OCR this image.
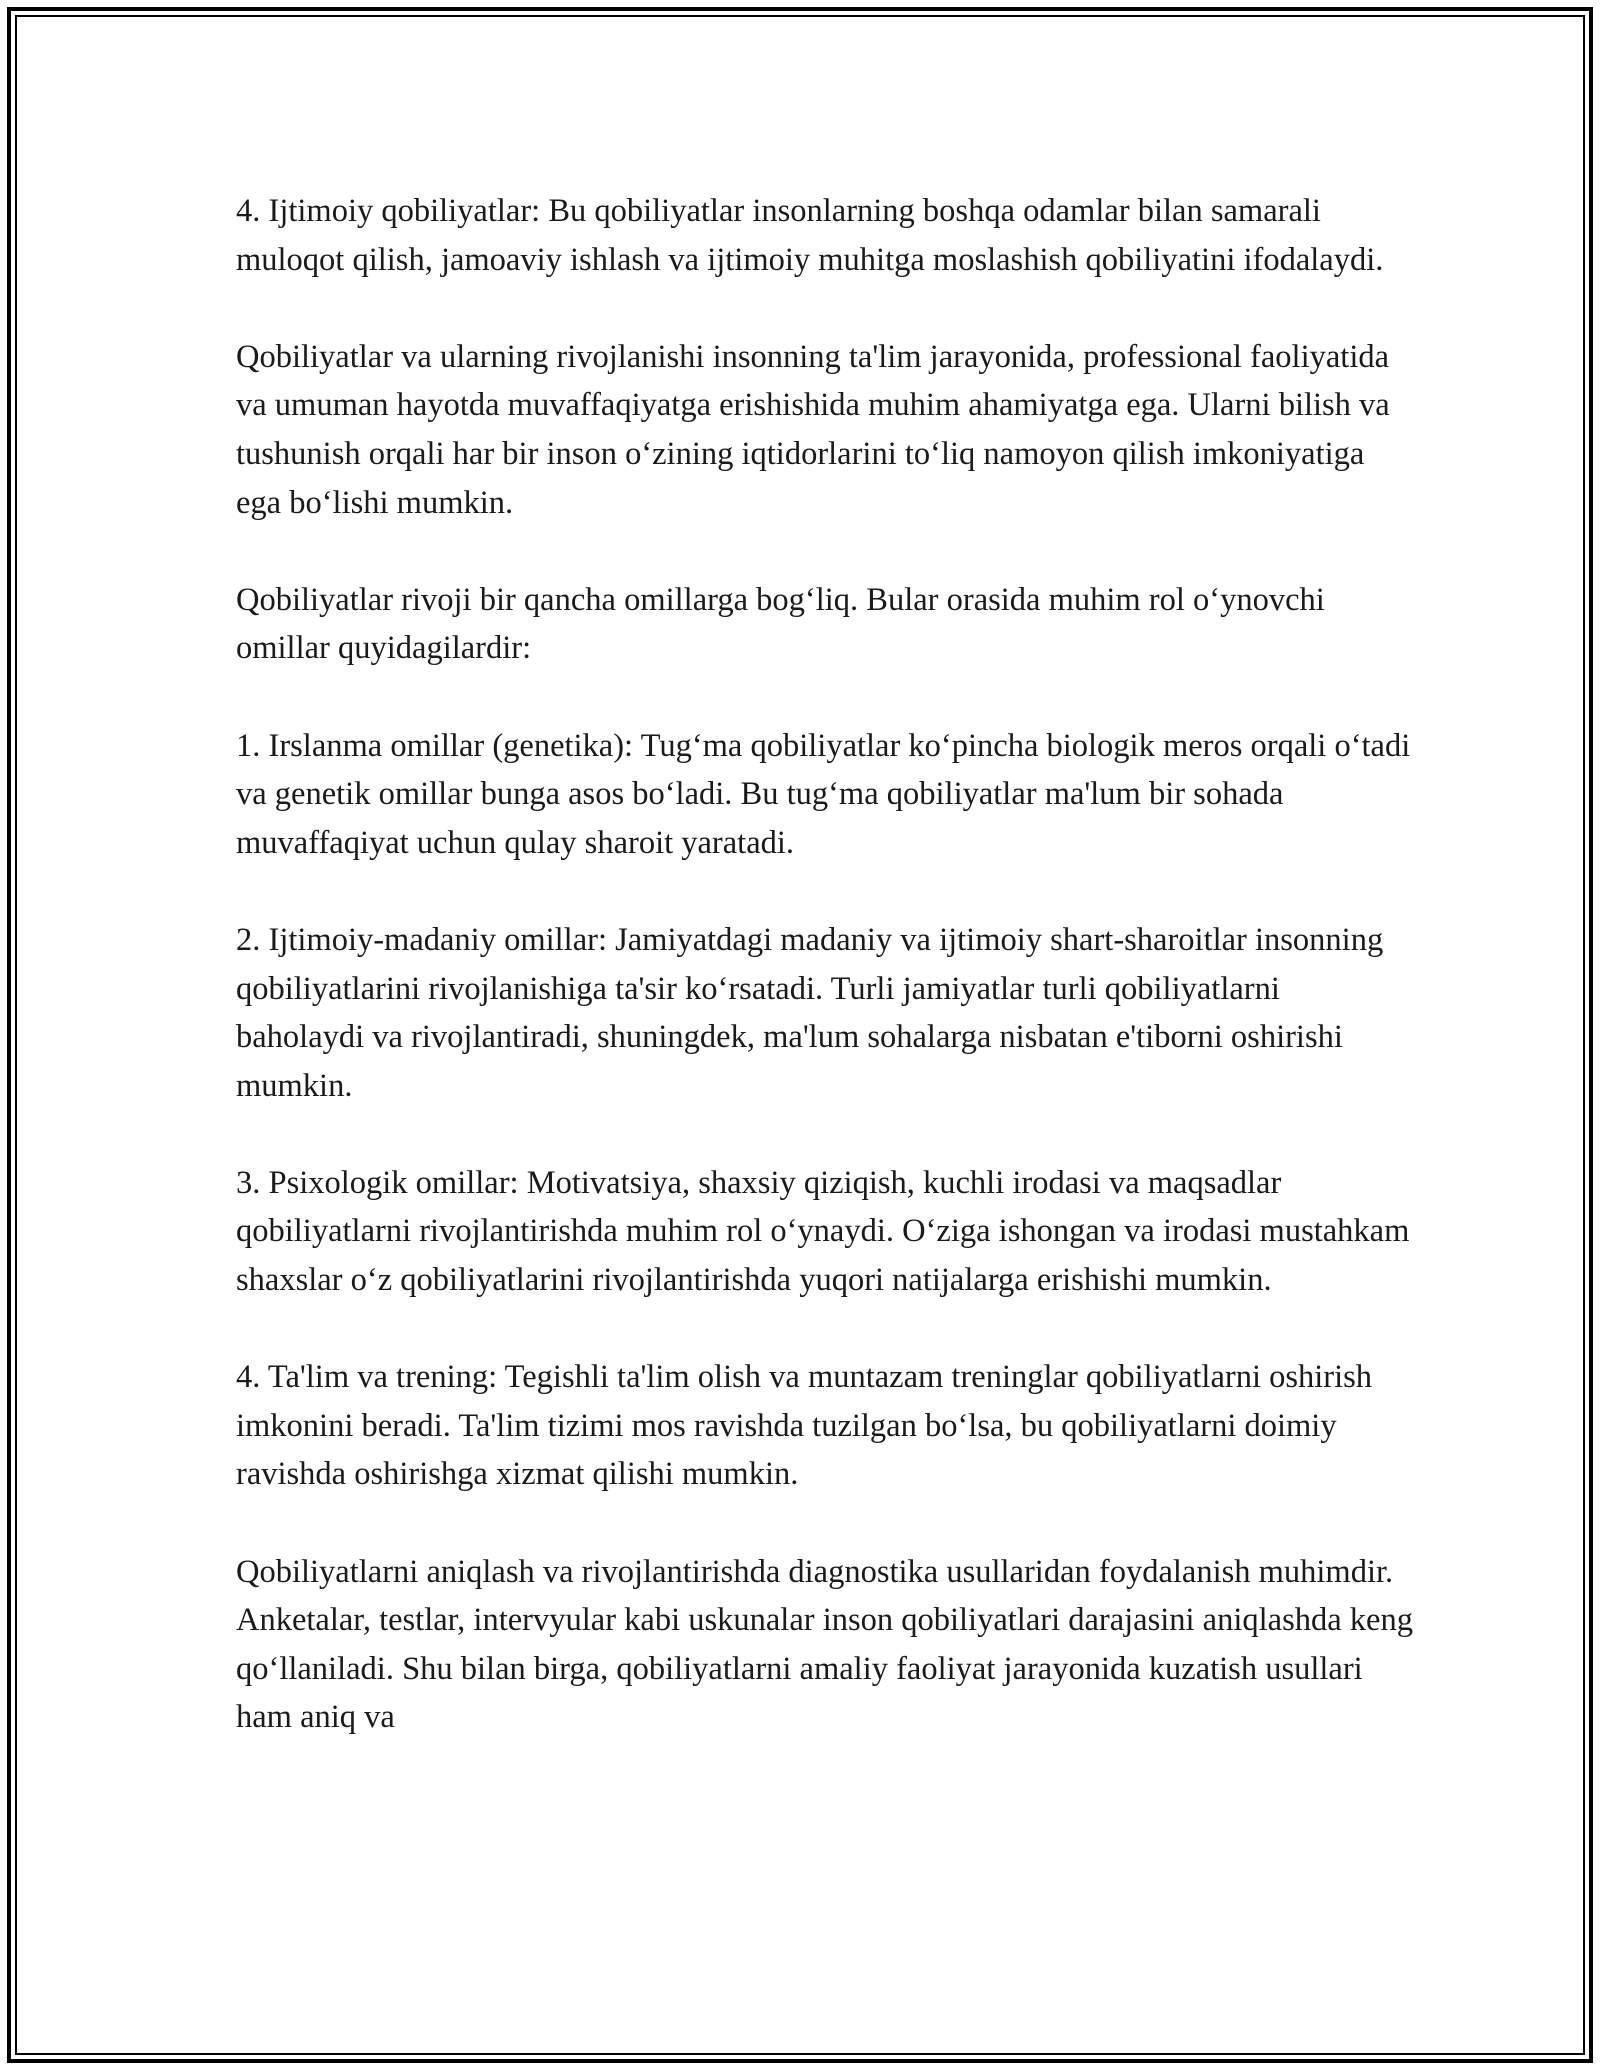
4. Ijtimoiy qobiliyatlar: Bu qobiliyatlar insonlarning boshqa odamlar bilan samarali muloqot qilish, jamoaviy ishlash va ijtimoiy muhitga moslashish qobiliyatini ifodalaydi.

Qobiliyatlar va ularning rivojlanishi insonning ta'lim jarayonida, professional faoliyatida va umuman hayotda muvaffaqiyatga erishishida muhim ahamiyatga ega. Ularni bilish va tushunish orqali har bir inson o‘zining iqtidorlarini to‘liq namoyon qilish imkoniyatiga ega bo‘lishi mumkin.

Qobiliyatlar rivoji bir qancha omillarga bog‘liq. Bular orasida muhim rol o‘ynovchi omillar quyidagilardir:

1. Irslanma omillar (genetika): Tug‘ma qobiliyatlar ko‘pincha biologik meros orqali o‘tadi va genetik omillar bunga asos bo‘ladi. Bu tug‘ma qobiliyatlar ma'lum bir sohada muvaffaqiyat uchun qulay sharoit yaratadi.

2. Ijtimoiy-madaniy omillar: Jamiyatdagi madaniy va ijtimoiy shart-sharoitlar insonning qobiliyatlarini rivojlanishiga ta'sir ko‘rsatadi. Turli jamiyatlar turli qobiliyatlarni baholaydi va rivojlantiradi, shuningdek, ma'lum sohalarga nisbatan e'tiborni oshirishi mumkin.

3. Psixologik omillar: Motivatsiya, shaxsiy qiziqish, kuchli irodasi va maqsadlar qobiliyatlarni rivojlantirishda muhim rol o‘ynaydi. O‘ziga ishongan va irodasi mustahkam shaxslar o‘z qobiliyatlarini rivojlantirishda yuqori natijalarga erishishi mumkin.

4. Ta'lim va trening: Tegishli ta'lim olish va muntazam treninglar qobiliyatlarni oshirish imkonini beradi. Ta'lim tizimi mos ravishda tuzilgan bo‘lsa, bu qobiliyatlarni doimiy ravishda oshirishga xizmat qilishi mumkin.

Qobiliyatlarni aniqlash va rivojlantirishda diagnostika usullaridan foydalanish muhimdir. Anketalar, testlar, intervyular kabi uskunalar inson qobiliyatlari darajasini aniqlashda keng qo‘llaniladi. Shu bilan birga, qobiliyatlarni amaliy faoliyat jarayonida kuzatish usullari ham aniq va
